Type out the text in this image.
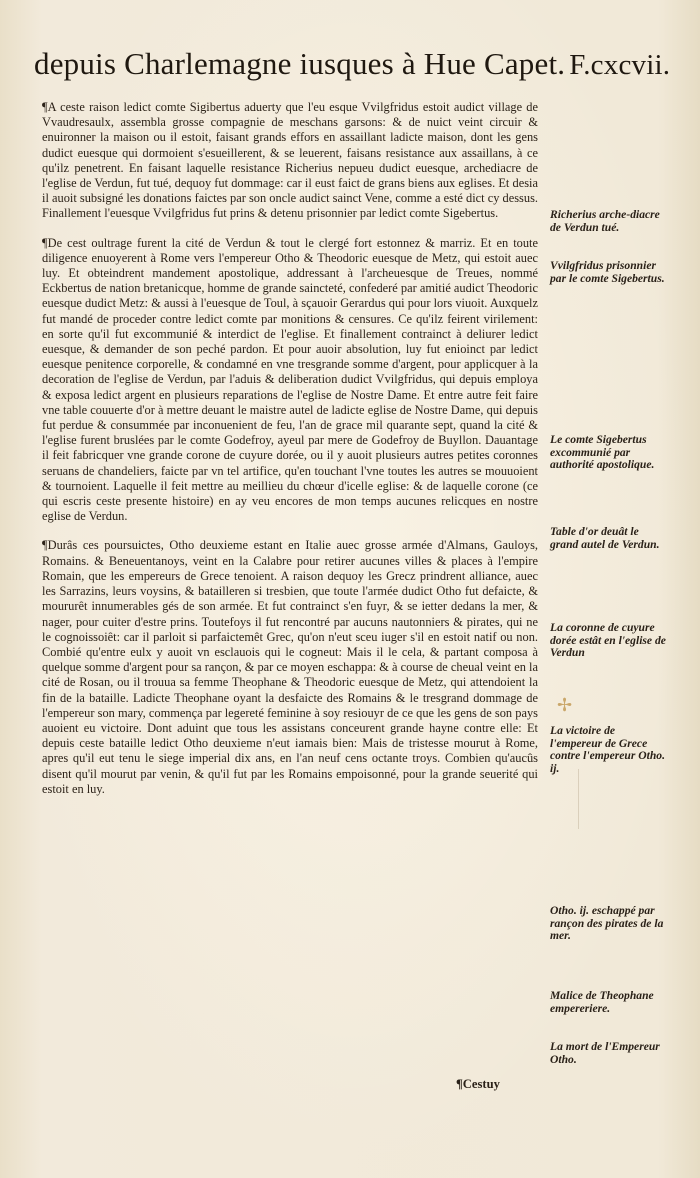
depuis Charlemagne iusques à Hue Capet. F.cxcvii.

¶A ceste raison ledict comte Sigibertus aduerty que l'eu esque Vvilgfridus estoit audict village de Vvaudresaulx, assembla grosse compagnie de meschans garsons: & de nuict veint circuir & enuironner la maison ou il estoit, faisant grands effors en assaillant ladicte maison, dont les gens dudict euesque qui dormoient s'esueillerent, & se leuerent, faisans resistance aux assaillans, à ce qu'ilz penetrent. En faisant laquelle resistance Richerius nepueu dudict euesque, archediacre de l'eglise de Verdun, fut tué, dequoy fut dommage: car il eust faict de grans biens aux eglises. Et desia il auoit subsigné les donations faictes par son oncle audict sainct Vene, comme a esté dict cy dessus. Finallement l'euesque Vvilgfridus fut prins & detenu prisonnier par ledict comte Sigebertus.

¶De cest oultrage furent la cité de Verdun & tout le clergé fort estonnez & marriz. Et en toute diligence enuoyerent à Rome vers l'empereur Otho & Theodoric euesque de Metz, qui estoit auec luy. Et obteindrent mandement apostolique, addressant à l'archeuesque de Treues, nommé Eckbertus de nation bretanicque, homme de grande saincteté, confederé par amitié audict Theodoric euesque dudict Metz: & aussi à l'euesque de Toul, à sçauoir Gerardus qui pour lors viuoit. Auxquelz fut mandé de proceder contre ledict comte par monitions & censures. Ce qu'ilz feirent virilement: en sorte qu'il fut excommunié & interdict de l'eglise. Et finallement contrainct à deliurer ledict euesque, & demander de son peché pardon. Et pour auoir absolution, luy fut enioinct par ledict euesque penitence corporelle, & condamné en vne tresgrande somme d'argent, pour applicquer à la decoration de l'eglise de Verdun, par l'aduis & deliberation dudict Vvilgfridus, qui depuis employa & exposa ledict argent en plusieurs reparations de l'eglise de Nostre Dame. Et entre autre feit faire vne table couuerte d'or à mettre deuant le maistre autel de ladicte eglise de Nostre Dame, qui depuis fut perdue & consummée par inconuenient de feu, l'an de grace mil quarante sept, quand la cité & l'eglise furent bruslées par le comte Godefroy, ayeul par mere de Godefroy de Buyllon. Dauantage il feit fabricquer vne grande corone de cuyure dorée, ou il y auoit plusieurs autres petites coronnes seruans de chandeliers, faicte par vn tel artifice, qu'en touchant l'vne toutes les autres se mouuoient & tournoient. Laquelle il feit mettre au meillieu du chœur d'icelle eglise: & de laquelle corone (ce qui escris ceste presente histoire) en ay veu encores de mon temps aucunes relicques en nostre eglise de Verdun.

¶Durâs ces poursuictes, Otho deuxieme estant en Italie auec grosse armée d'Almans, Gauloys, Romains. & Beneuentanoys, veint en la Calabre pour retirer aucunes villes & places à l'empire Romain, que les empereurs de Grece tenoient. A raison dequoy les Grecz prindrent alliance, auec les Sarrazins, leurs voysins, & batailleren si tresbien, que toute l'armée dudict Otho fut defaicte, & moururêt innumerables gés de son armée. Et fut contrainct s'en fuyr, & se ietter dedans la mer, & nager, pour cuiter d'estre prins. Toutefoys il fut rencontré par aucuns nautonniers & pirates, qui ne le cognoissoiêt: car il parloit si parfaictemêt Grec, qu'on n'eut sceu iuger s'il en estoit natif ou non. Combié qu'entre eulx y auoit vn esclauois qui le cogneut: Mais il le cela, & partant composa à quelque somme d'argent pour sa rançon, & par ce moyen eschappa: & à course de cheual veint en la cité de Rosan, ou il trouua sa femme Theophane & Theodoric euesque de Metz, qui attendoient la fin de la bataille. Ladicte Theophane oyant la desfaicte des Romains & le tresgrand dommage de l'empereur son mary, commença par legereté feminine à soy resiouyr de ce que les gens de son pays auoient eu victoire. Dont aduint que tous les assistans conceurent grande hayne contre elle: Et depuis ceste bataille ledict Otho deuxieme n'eut iamais bien: Mais de tristesse mourut à Rome, apres qu'il eut tenu le siege imperial dix ans, en l'an neuf cens octante troys. Combien qu'aucûs disent qu'il mourut par venin, & qu'il fut par les Romains empoisonné, pour la grande seuerité qui estoit en luy.

Richerius arche-diacre de Verdun tué.
Vvilgfridus prisonnier par le comte Sigebertus.
Le comte Sigebertus excommunié par authorité apostolique.
Table d'or deuât le grand autel de Verdun.
La coronne de cuyure dorée estât en l'eglise de Verdun
✢
La victoire de l'empereur de Grece contre l'empereur Otho. ij.
Otho. ij. eschappé par rançon des pirates de la mer.
Malice de Theophane empereriere.
La mort de l'Empereur Otho.
¶Cestuy
